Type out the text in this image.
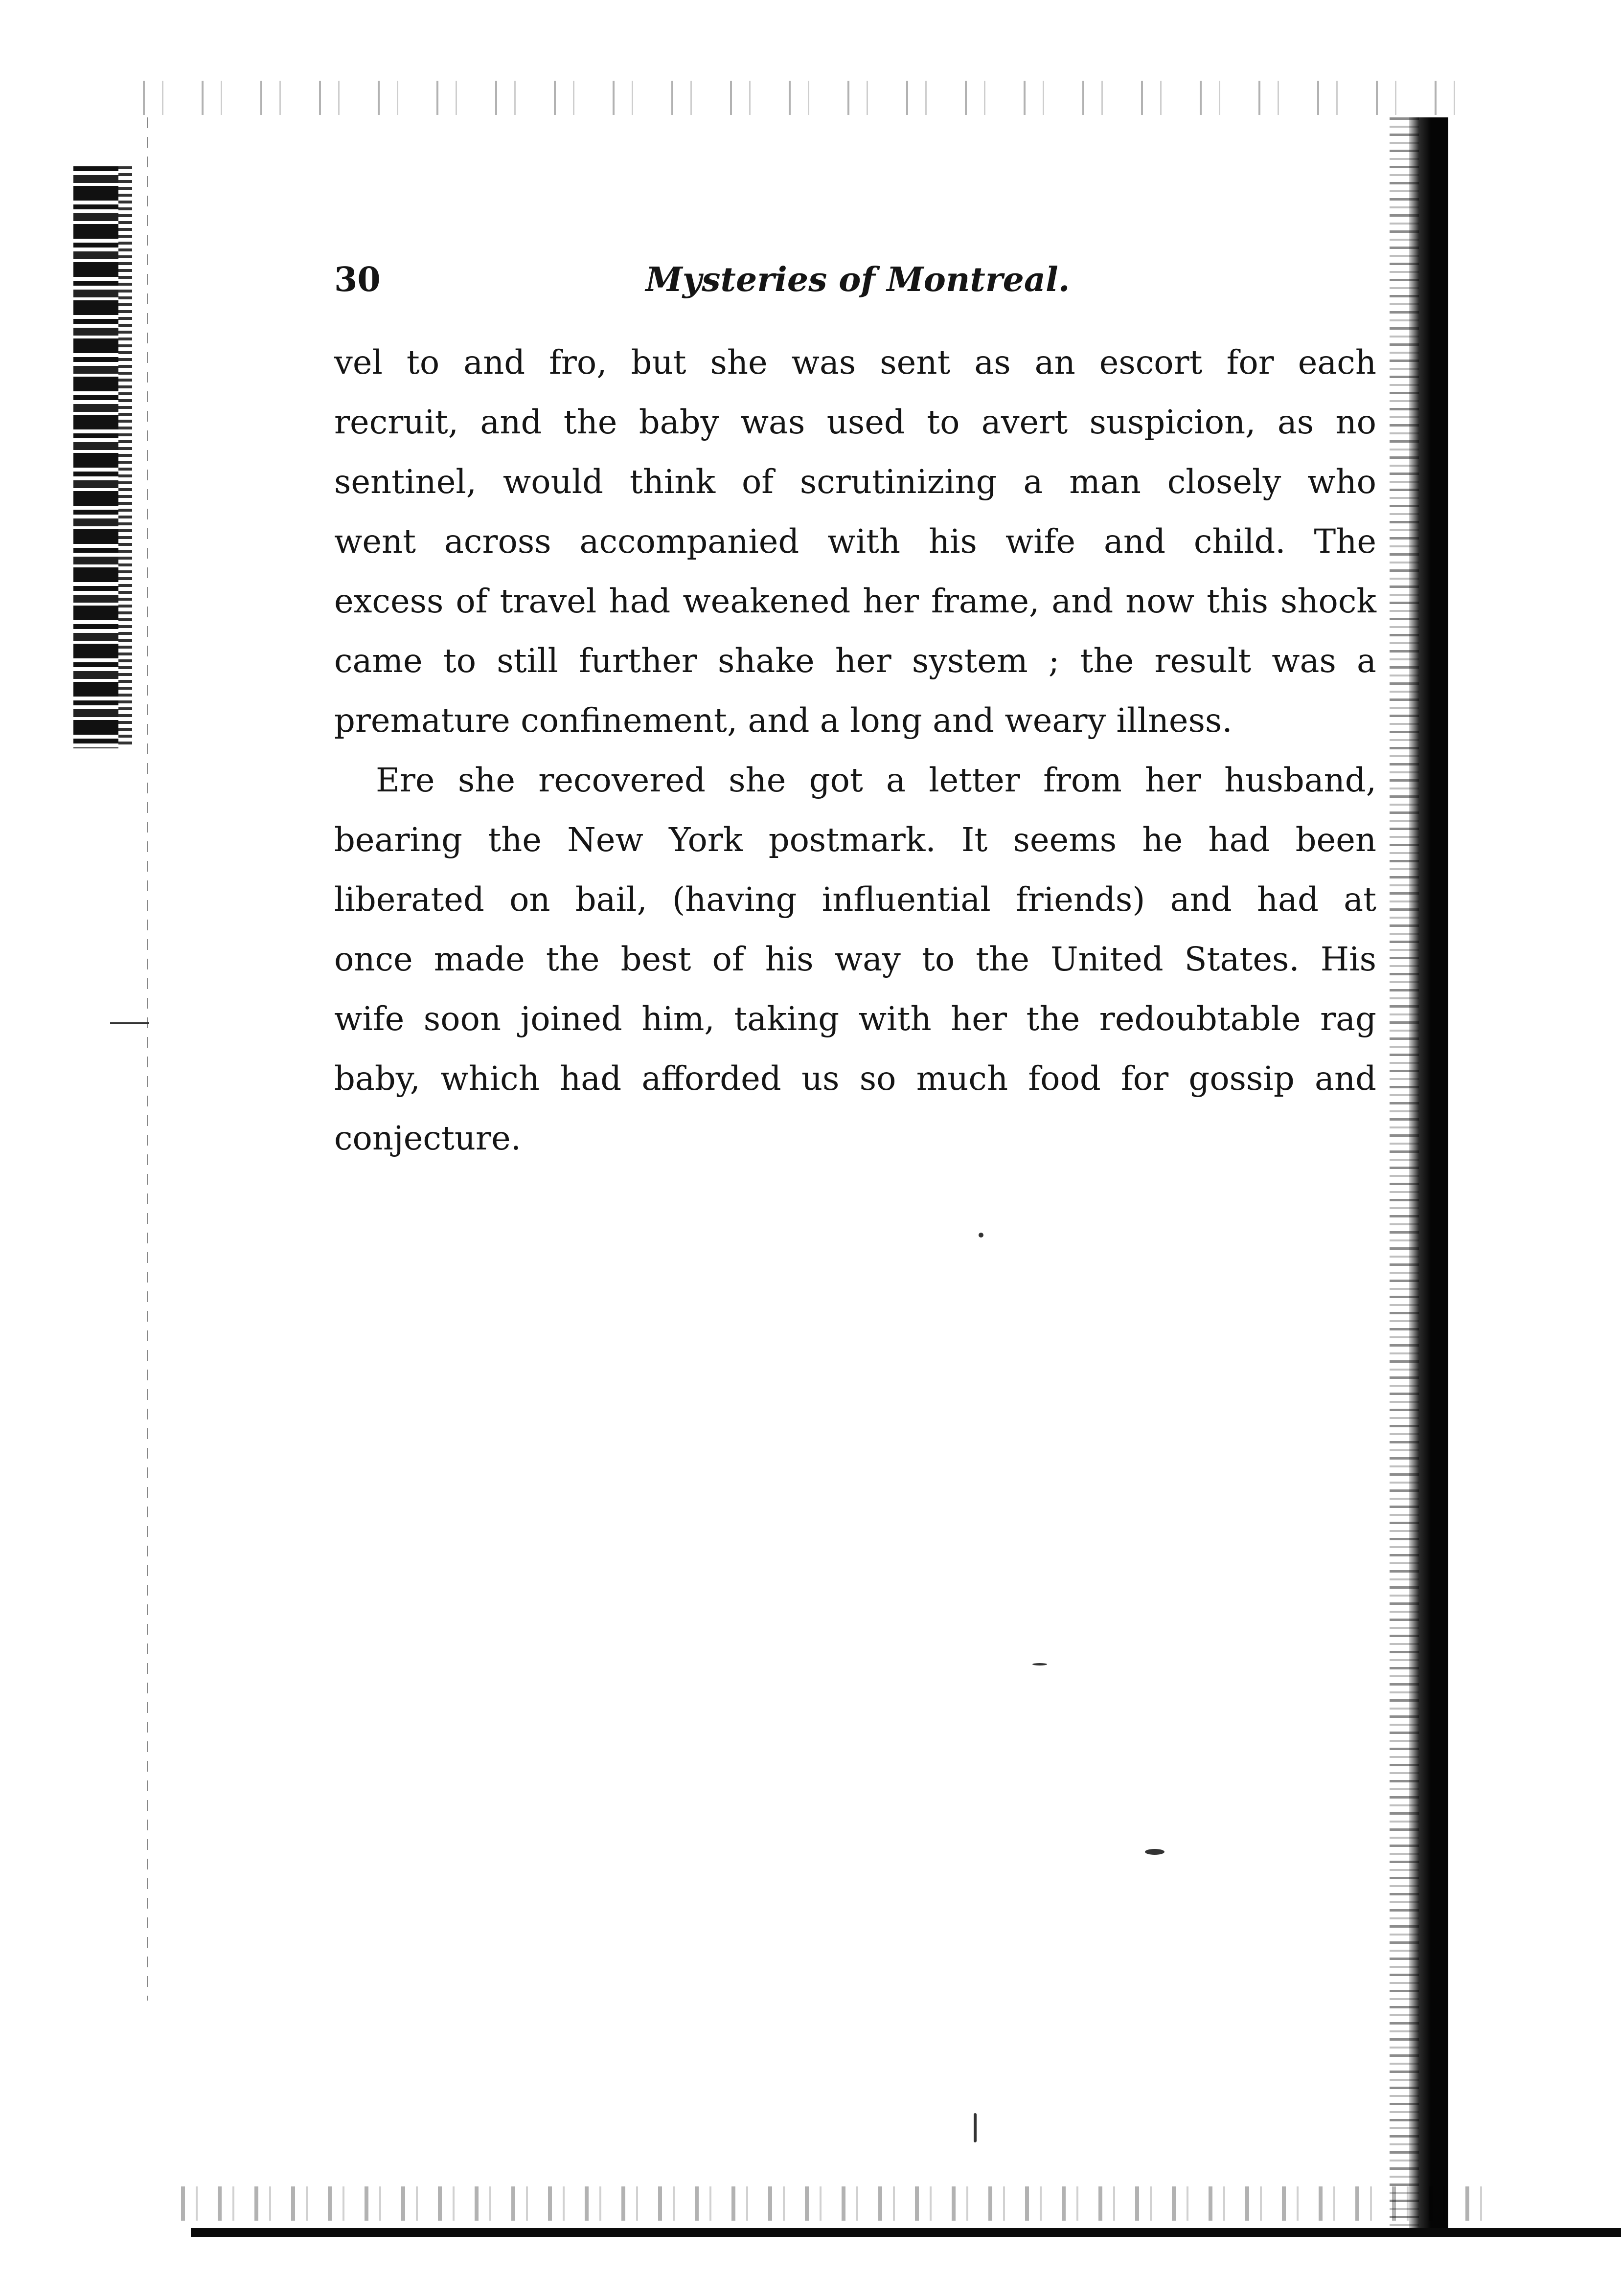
30	Mysteries of Montreal.
vel to and fro, but she was sent as an escort for each
recruit, and the baby was used to avert suspicion, as no
sentinel, would think of scrutinizing a man closely who
went across accompanied with his wife and child. The
excess of travel had weakened her frame, and now this shock
came to still further shake her system ; the result was a
premature confinement, and a long and weary illness.
Ere she recovered she got a letter from her husband,
bearing the New York postmark. It seems he had been
liberated on bail, (having influential friends) and had at
once made the best of his way to the United States. His
wife soon joined him, taking with her the redoubtable rag
baby, which had afforded us so much food for gossip and
conjecture.
